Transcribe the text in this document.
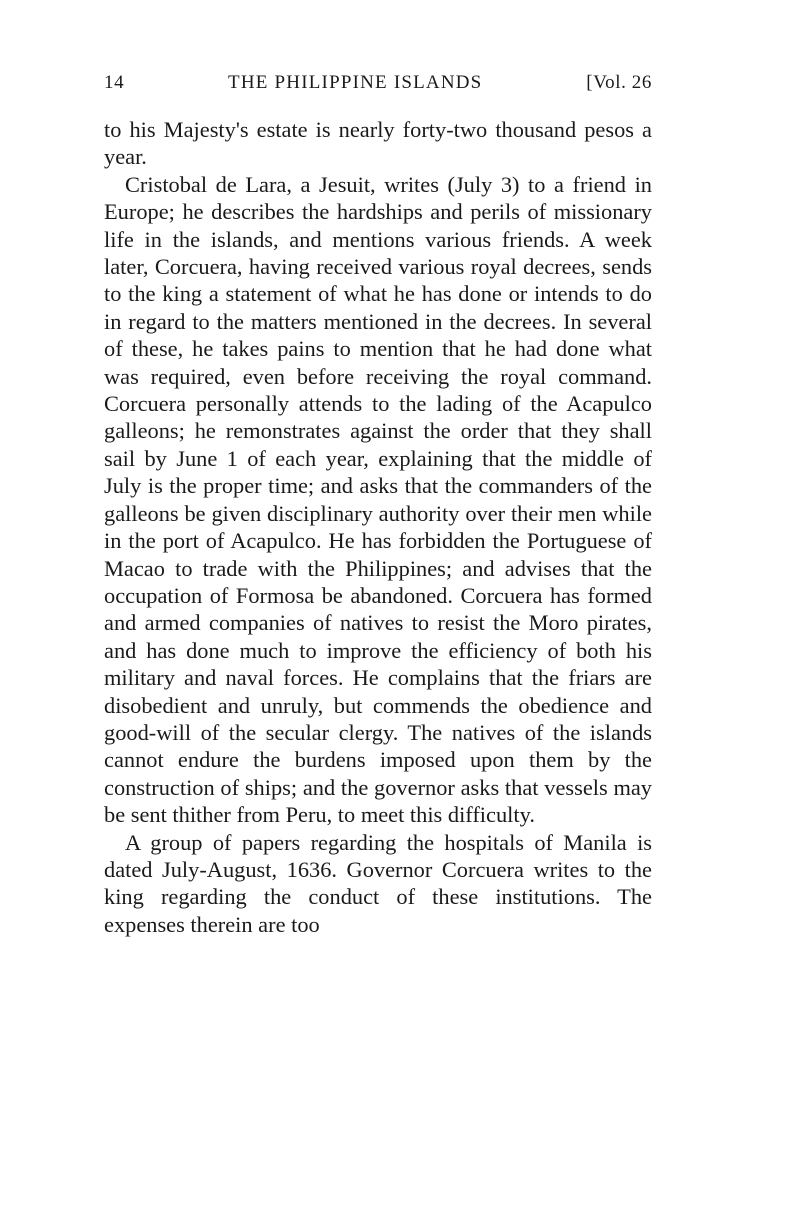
14	THE PHILIPPINE ISLANDS	[Vol. 26

to his Majesty's estate is nearly forty-two thousand pesos a year.

Cristobal de Lara, a Jesuit, writes (July 3) to a friend in Europe; he describes the hardships and perils of missionary life in the islands, and mentions various friends. A week later, Corcuera, having received various royal decrees, sends to the king a statement of what he has done or intends to do in regard to the matters mentioned in the decrees. In several of these, he takes pains to mention that he had done what was required, even before receiving the royal command. Corcuera personally attends to the lading of the Acapulco galleons; he remonstrates against the order that they shall sail by June 1 of each year, explaining that the middle of July is the proper time; and asks that the commanders of the galleons be given disciplinary authority over their men while in the port of Acapulco. He has forbidden the Portuguese of Macao to trade with the Philippines; and advises that the occupation of Formosa be abandoned. Corcuera has formed and armed companies of natives to resist the Moro pirates, and has done much to improve the efficiency of both his military and naval forces. He complains that the friars are disobedient and unruly, but commends the obedience and good-will of the secular clergy. The natives of the islands cannot endure the burdens imposed upon them by the construction of ships; and the governor asks that vessels may be sent thither from Peru, to meet this difficulty.

A group of papers regarding the hospitals of Manila is dated July-August, 1636. Governor Corcuera writes to the king regarding the conduct of these institutions. The expenses therein are too
